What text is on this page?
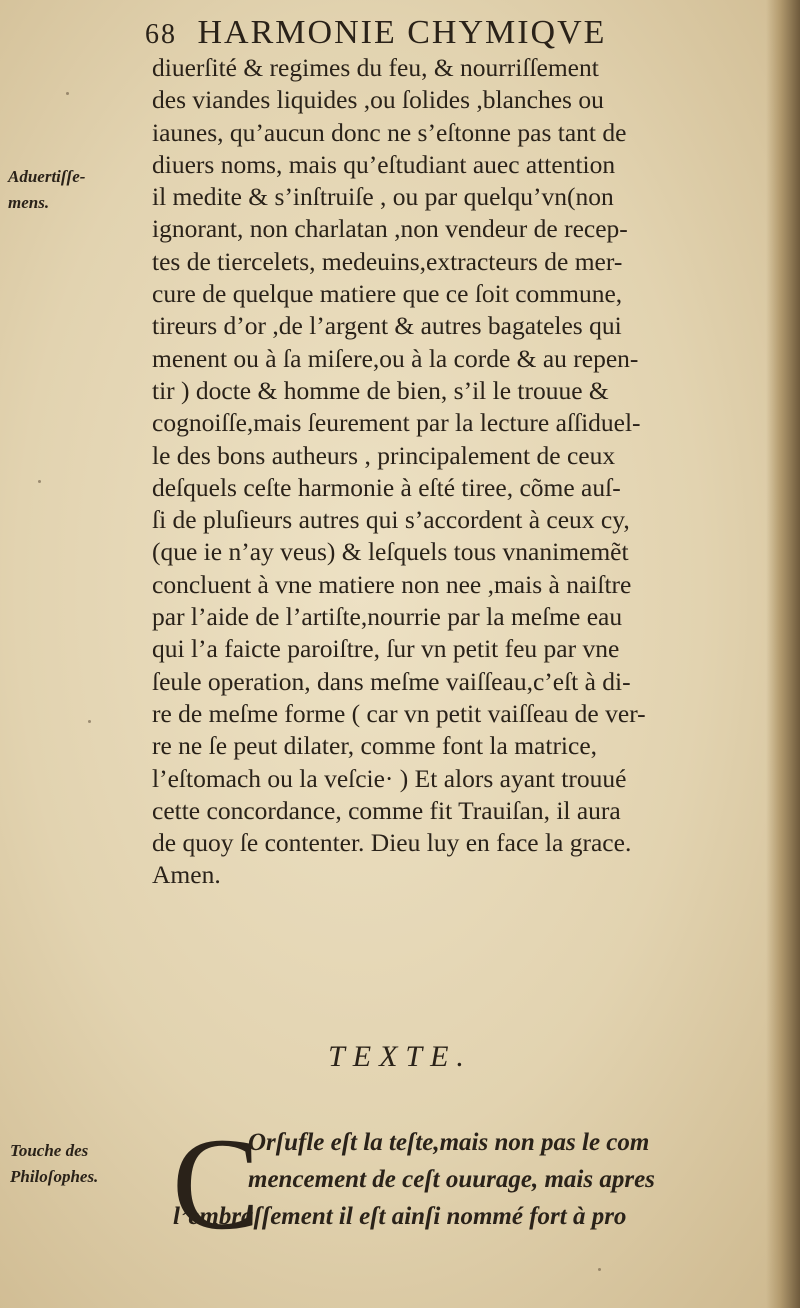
68 HARMONIE CHYMIQVE
Aduertiſſe-
mens.
diuerſité & regimes du feu, & nourriſſement
des viandes liquides ,ou ſolides ,blanches ou
iaunes, qu’aucun donc ne s’eſtonne pas tant de
diuers noms, mais qu’eſtudiant auec attention
il medite & s’inſtruiſe , ou par quelqu’vn(non
ignorant, non charlatan ,non vendeur de recep-
tes de tiercelets, medeuins,extracteurs de mer-
cure de quelque matiere que ce ſoit commune,
tireurs d’or ,de l’argent & autres bagateles qui
menent ou à ſa miſere,ou à la corde & au repen-
tir ) docte & homme de bien, s’il le trouue &
cognoiſſe,mais ſeurement par la lecture aſſiduel-
le des bons autheurs , principalement de ceux
deſquels ceſte harmonie à eſté tiree, cõme auſ-
ſi de pluſieurs autres qui s’accordent à ceux cy,
(que ie n’ay veus) & leſquels tous vnanimemẽt
concluent à vne matiere non nee ,mais à naiſtre
par l’aide de l’artiſte,nourrie par la meſme eau
qui l’a faicte paroiſtre, ſur vn petit feu par vne
ſeule operation, dans meſme vaiſſeau,c’eſt à di-
re de meſme forme ( car vn petit vaiſſeau de ver-
re ne ſe peut dilater, comme font la matrice,
l’eſtomach ou la veſcie· ) Et alors ayant trouué
cette concordance, comme fit Trauiſan, il aura
de quoy ſe contenter. Dieu luy en face la grace.
Amen.
TEXTE.
Touche des
Philoſophes. C
Orſufle eſt la teſte,mais non pas le com
mencement de ceſt ouurage, mais apres
l’embraſſement il eſt ainſi nommé fort à pro
